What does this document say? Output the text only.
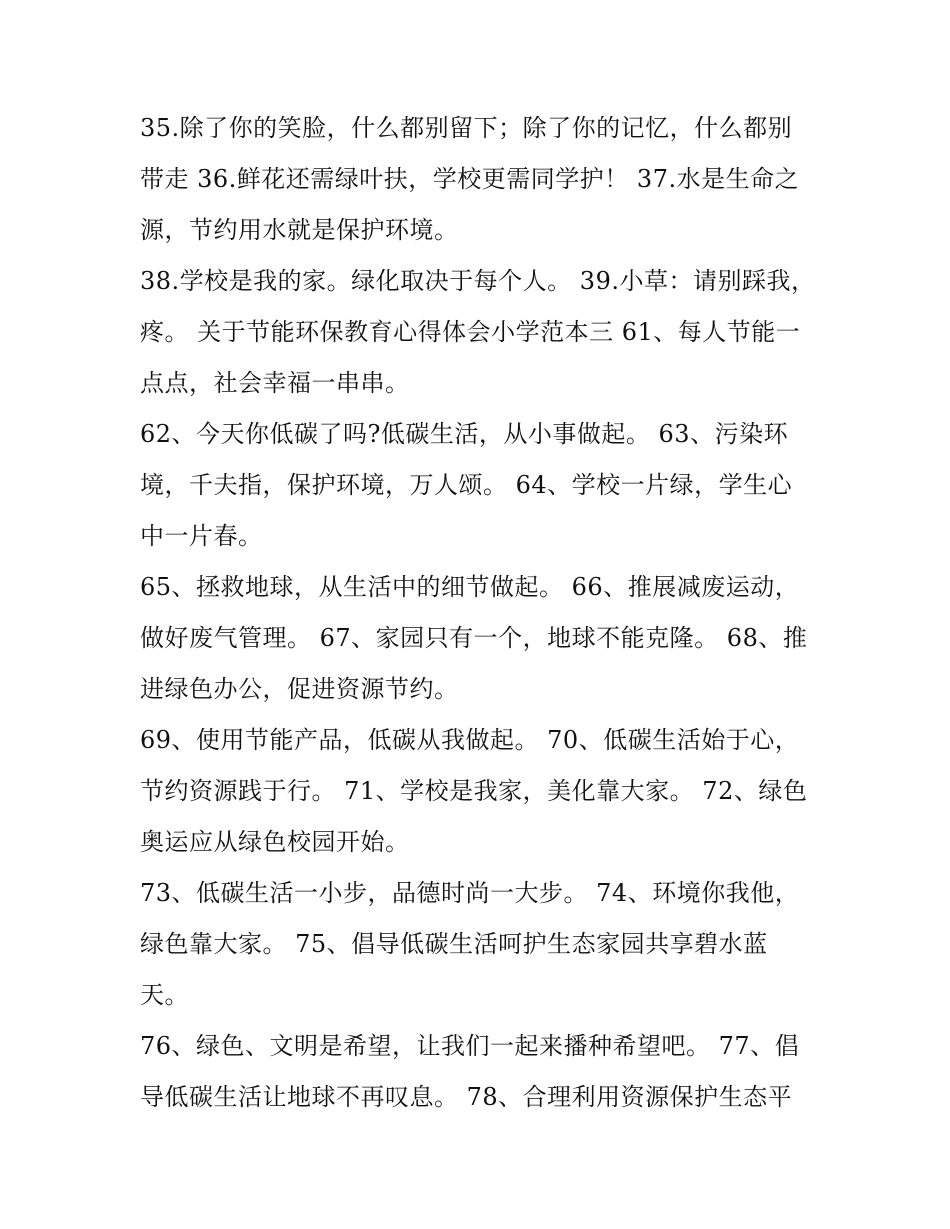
35.除了你的笑脸，什么都别留下；除了你的记忆，什么都别
带走 36.鲜花还需绿叶扶，学校更需同学护！ 37.水是生命之
源，节约用水就是保护环境。
38.学校是我的家。绿化取决于每个人。 39.小草：请别踩我，
疼。 关于节能环保教育心得体会小学范本三 61、每人节能一
点点，社会幸福一串串。
62、今天你低碳了吗?低碳生活，从小事做起。 63、污染环
境，千夫指，保护环境，万人颂。 64、学校一片绿，学生心
中一片春。
65、拯救地球，从生活中的细节做起。 66、推展减废运动，
做好废气管理。 67、家园只有一个，地球不能克隆。 68、推
进绿色办公，促进资源节约。
69、使用节能产品，低碳从我做起。 70、低碳生活始于心，
节约资源践于行。 71、学校是我家，美化靠大家。 72、绿色
奥运应从绿色校园开始。
73、低碳生活一小步，品德时尚一大步。 74、环境你我他，
绿色靠大家。 75、倡导低碳生活呵护生态家园共享碧水蓝
天。
76、绿色、文明是希望，让我们一起来播种希望吧。 77、倡
导低碳生活让地球不再叹息。 78、合理利用资源保护生态平
